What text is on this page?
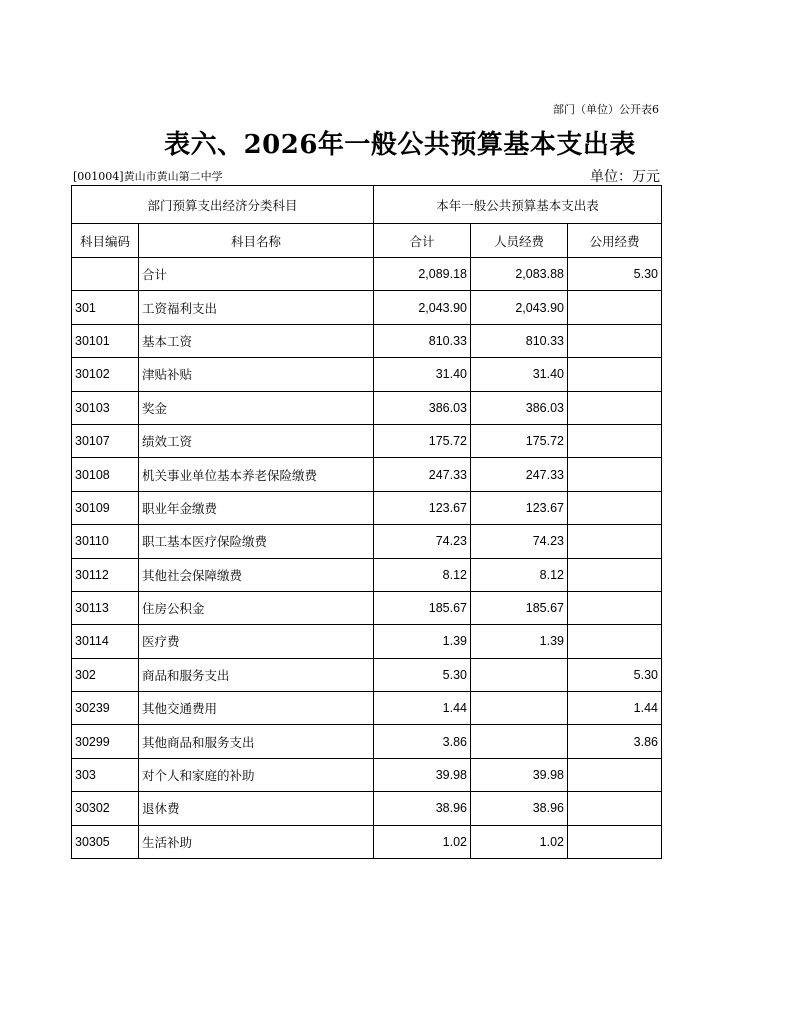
部门（单位）公开表6
表六、2026年一般公共预算基本支出表
[001004]黄山市黄山第二中学	单位：万元
部门预算支出经济分类科目		本年一般公共预算基本支出表		
科目编码	科目名称	合计	人员经费	公用经费
	合计	2,089.18	2,083.88	5.30
301	工资福利支出	2,043.90	2,043.90	
30101	基本工资	810.33	810.33	
30102	津贴补贴	31.40	31.40	
30103	奖金	386.03	386.03	
30107	绩效工资	175.72	175.72	
30108	机关事业单位基本养老保险缴费	247.33	247.33	
30109	职业年金缴费	123.67	123.67	
30110	职工基本医疗保险缴费	74.23	74.23	
30112	其他社会保障缴费	8.12	8.12	
30113	住房公积金	185.67	185.67	
30114	医疗费	1.39	1.39	
302	商品和服务支出	5.30		5.30
30239	其他交通费用	1.44		1.44
30299	其他商品和服务支出	3.86		3.86
303	对个人和家庭的补助	39.98	39.98	
30302	退休费	38.96	38.96	
30305	生活补助	1.02	1.02	
